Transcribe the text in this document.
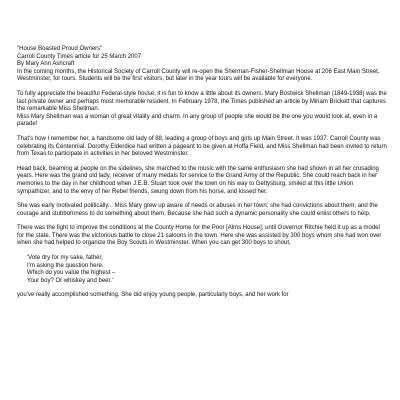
"House Boasted Proud Owners"

Carroll County Times article for 25 March 2007

By Mary Ann Ashcraft

In the coming months, the Historical Society of Carroll County will re-open the Sherman-Fisher-Shellman House at 206 East Main Street, Westminster, for tours. Students will be the first visitors, but later in the year tours will be available for everyone.

To fully appreciate the beautiful Federal-style house, it is fun to know a little about its owners. Mary Bostwick Shellman (1849-1938) was the last private owner and perhaps most memorable resident. In February 1978, the Times published an article by Miriam Brickett that captures the remarkable Miss Shellman.

Miss Mary Shellman was a woman of great vitality and charm. In any group of people she would be the one you would look at, even in a parade!

That's how I remember her, a handsome old lady of 88, leading a group of boys and girls up Main Street. It was 1937. Carroll County was celebrating its Centennial. Dorothy Elderdice had written a pageant to be given at Hoffa Field, and Miss Shellman had been invited to return from Texas to participate in activities in her beloved Westminster.

Head back, beaming at people on the sidelines, she marched to the music with the same enthusiasm she had shown in all her crusading years. Here was the grand old lady, receiver of many medals for service to the Grand Army of the Republic. She could reach back in her memories to the day in her childhood when J.E.B. Stuart took over the town on his way to Gettysburg, smiled at this little Union sympathizer, and to the envy of her Rebel friends, swung down from his horse, and kissed her.

She was early motivated politically... Miss Mary grew up aware of needs or abuses in her town; she had convictions about them; and the courage and stubbornness to do something about them. Because she had such a dynamic personality she could enlist others to help.

There was the fight to improve the conditions at the County Home for the Poor [Alms House], until Governor Ritchie held it up as a model for the state. There was the victorious battle to close 21 saloons in the town. Here she was assisted by 300 boys whom she had won over when she had helped to organize the Boy Scouts in Westminster. When you can get 300 boys to shout,

'Vote dry for my sake, father,
I'm asking the question here.
Which do you value the highest –
Your boy? Or whiskey and beer.'

you've really accomplished something. She did enjoy young people, particularly boys, and her work for
